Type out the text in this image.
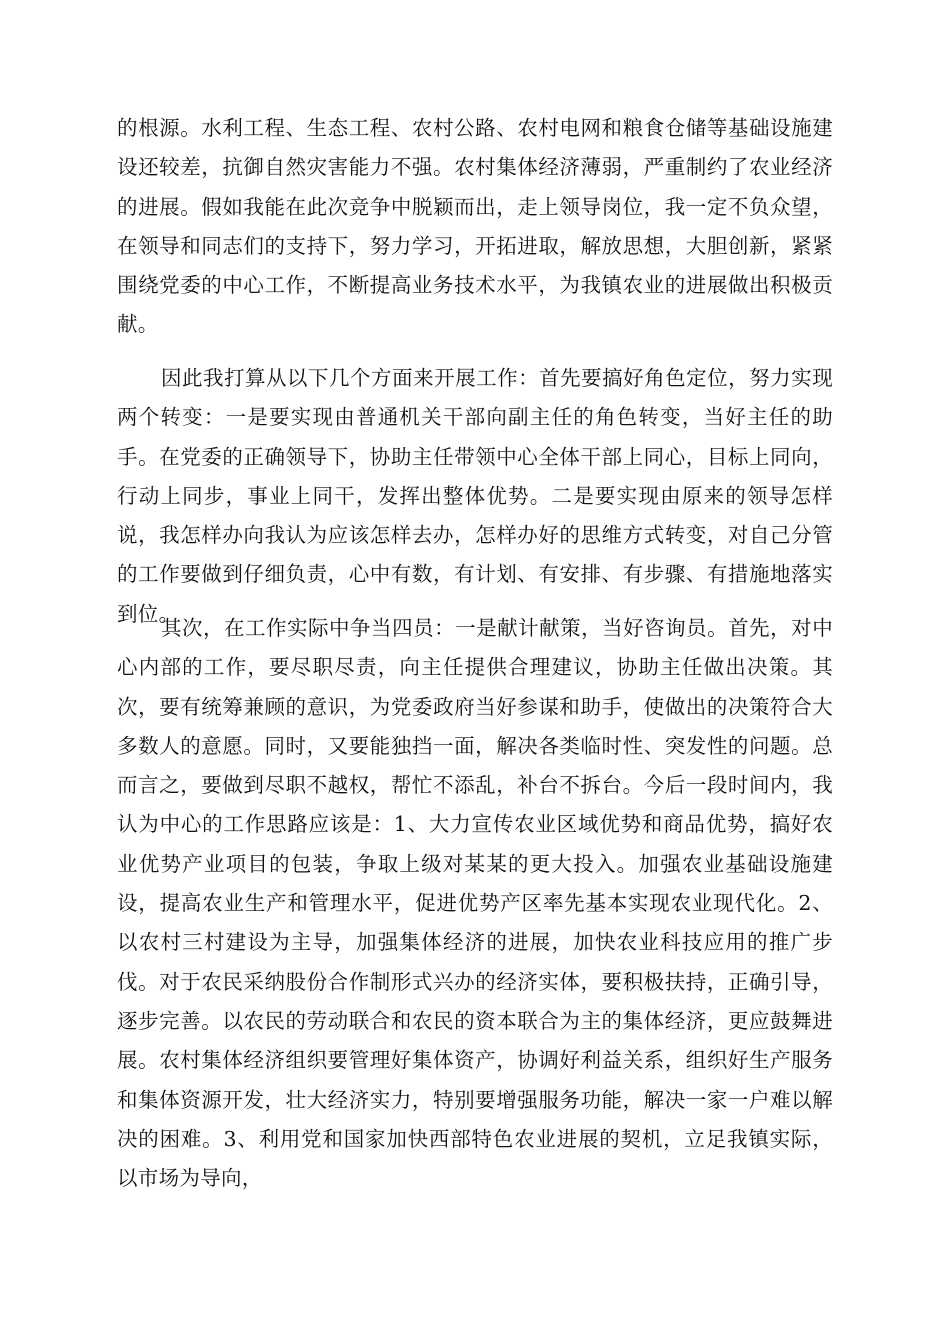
的根源。水利工程、生态工程、农村公路、农村电网和粮食仓储等基础设施建设还较差，抗御自然灾害能力不强。农村集体经济薄弱，严重制约了农业经济的进展。假如我能在此次竞争中脱颖而出，走上领导岗位，我一定不负众望，在领导和同志们的支持下，努力学习，开拓进取，解放思想，大胆创新，紧紧围绕党委的中心工作，不断提高业务技术水平，为我镇农业的进展做出积极贡献。

因此我打算从以下几个方面来开展工作：首先要搞好角色定位，努力实现两个转变：一是要实现由普通机关干部向副主任的角色转变，当好主任的助手。在党委的正确领导下，协助主任带领中心全体干部上同心，目标上同向，行动上同步，事业上同干，发挥出整体优势。二是要实现由原来的领导怎样说，我怎样办向我认为应该怎样去办，怎样办好的思维方式转变，对自己分管的工作要做到仔细负责，心中有数，有计划、有安排、有步骤、有措施地落实到位。

其次，在工作实际中争当四员：一是献计献策，当好咨询员。首先，对中心内部的工作，要尽职尽责，向主任提供合理建议，协助主任做出决策。其次，要有统筹兼顾的意识，为党委政府当好参谋和助手，使做出的决策符合大多数人的意愿。同时，又要能独挡一面，解决各类临时性、突发性的问题。总而言之，要做到尽职不越权，帮忙不添乱，补台不拆台。今后一段时间内，我认为中心的工作思路应该是：1、大力宣传农业区域优势和商品优势，搞好农业优势产业项目的包装，争取上级对某某的更大投入。加强农业基础设施建设，提高农业生产和管理水平，促进优势产区率先基本实现农业现代化。2、以农村三村建设为主导，加强集体经济的进展，加快农业科技应用的推广步伐。对于农民采纳股份合作制形式兴办的经济实体，要积极扶持，正确引导，逐步完善。以农民的劳动联合和农民的资本联合为主的集体经济，更应鼓舞进展。农村集体经济组织要管理好集体资产，协调好利益关系，组织好生产服务和集体资源开发，壮大经济实力，特别要增强服务功能，解决一家一户难以解决的困难。3、利用党和国家加快西部特色农业进展的契机，立足我镇实际，以市场为导向，
